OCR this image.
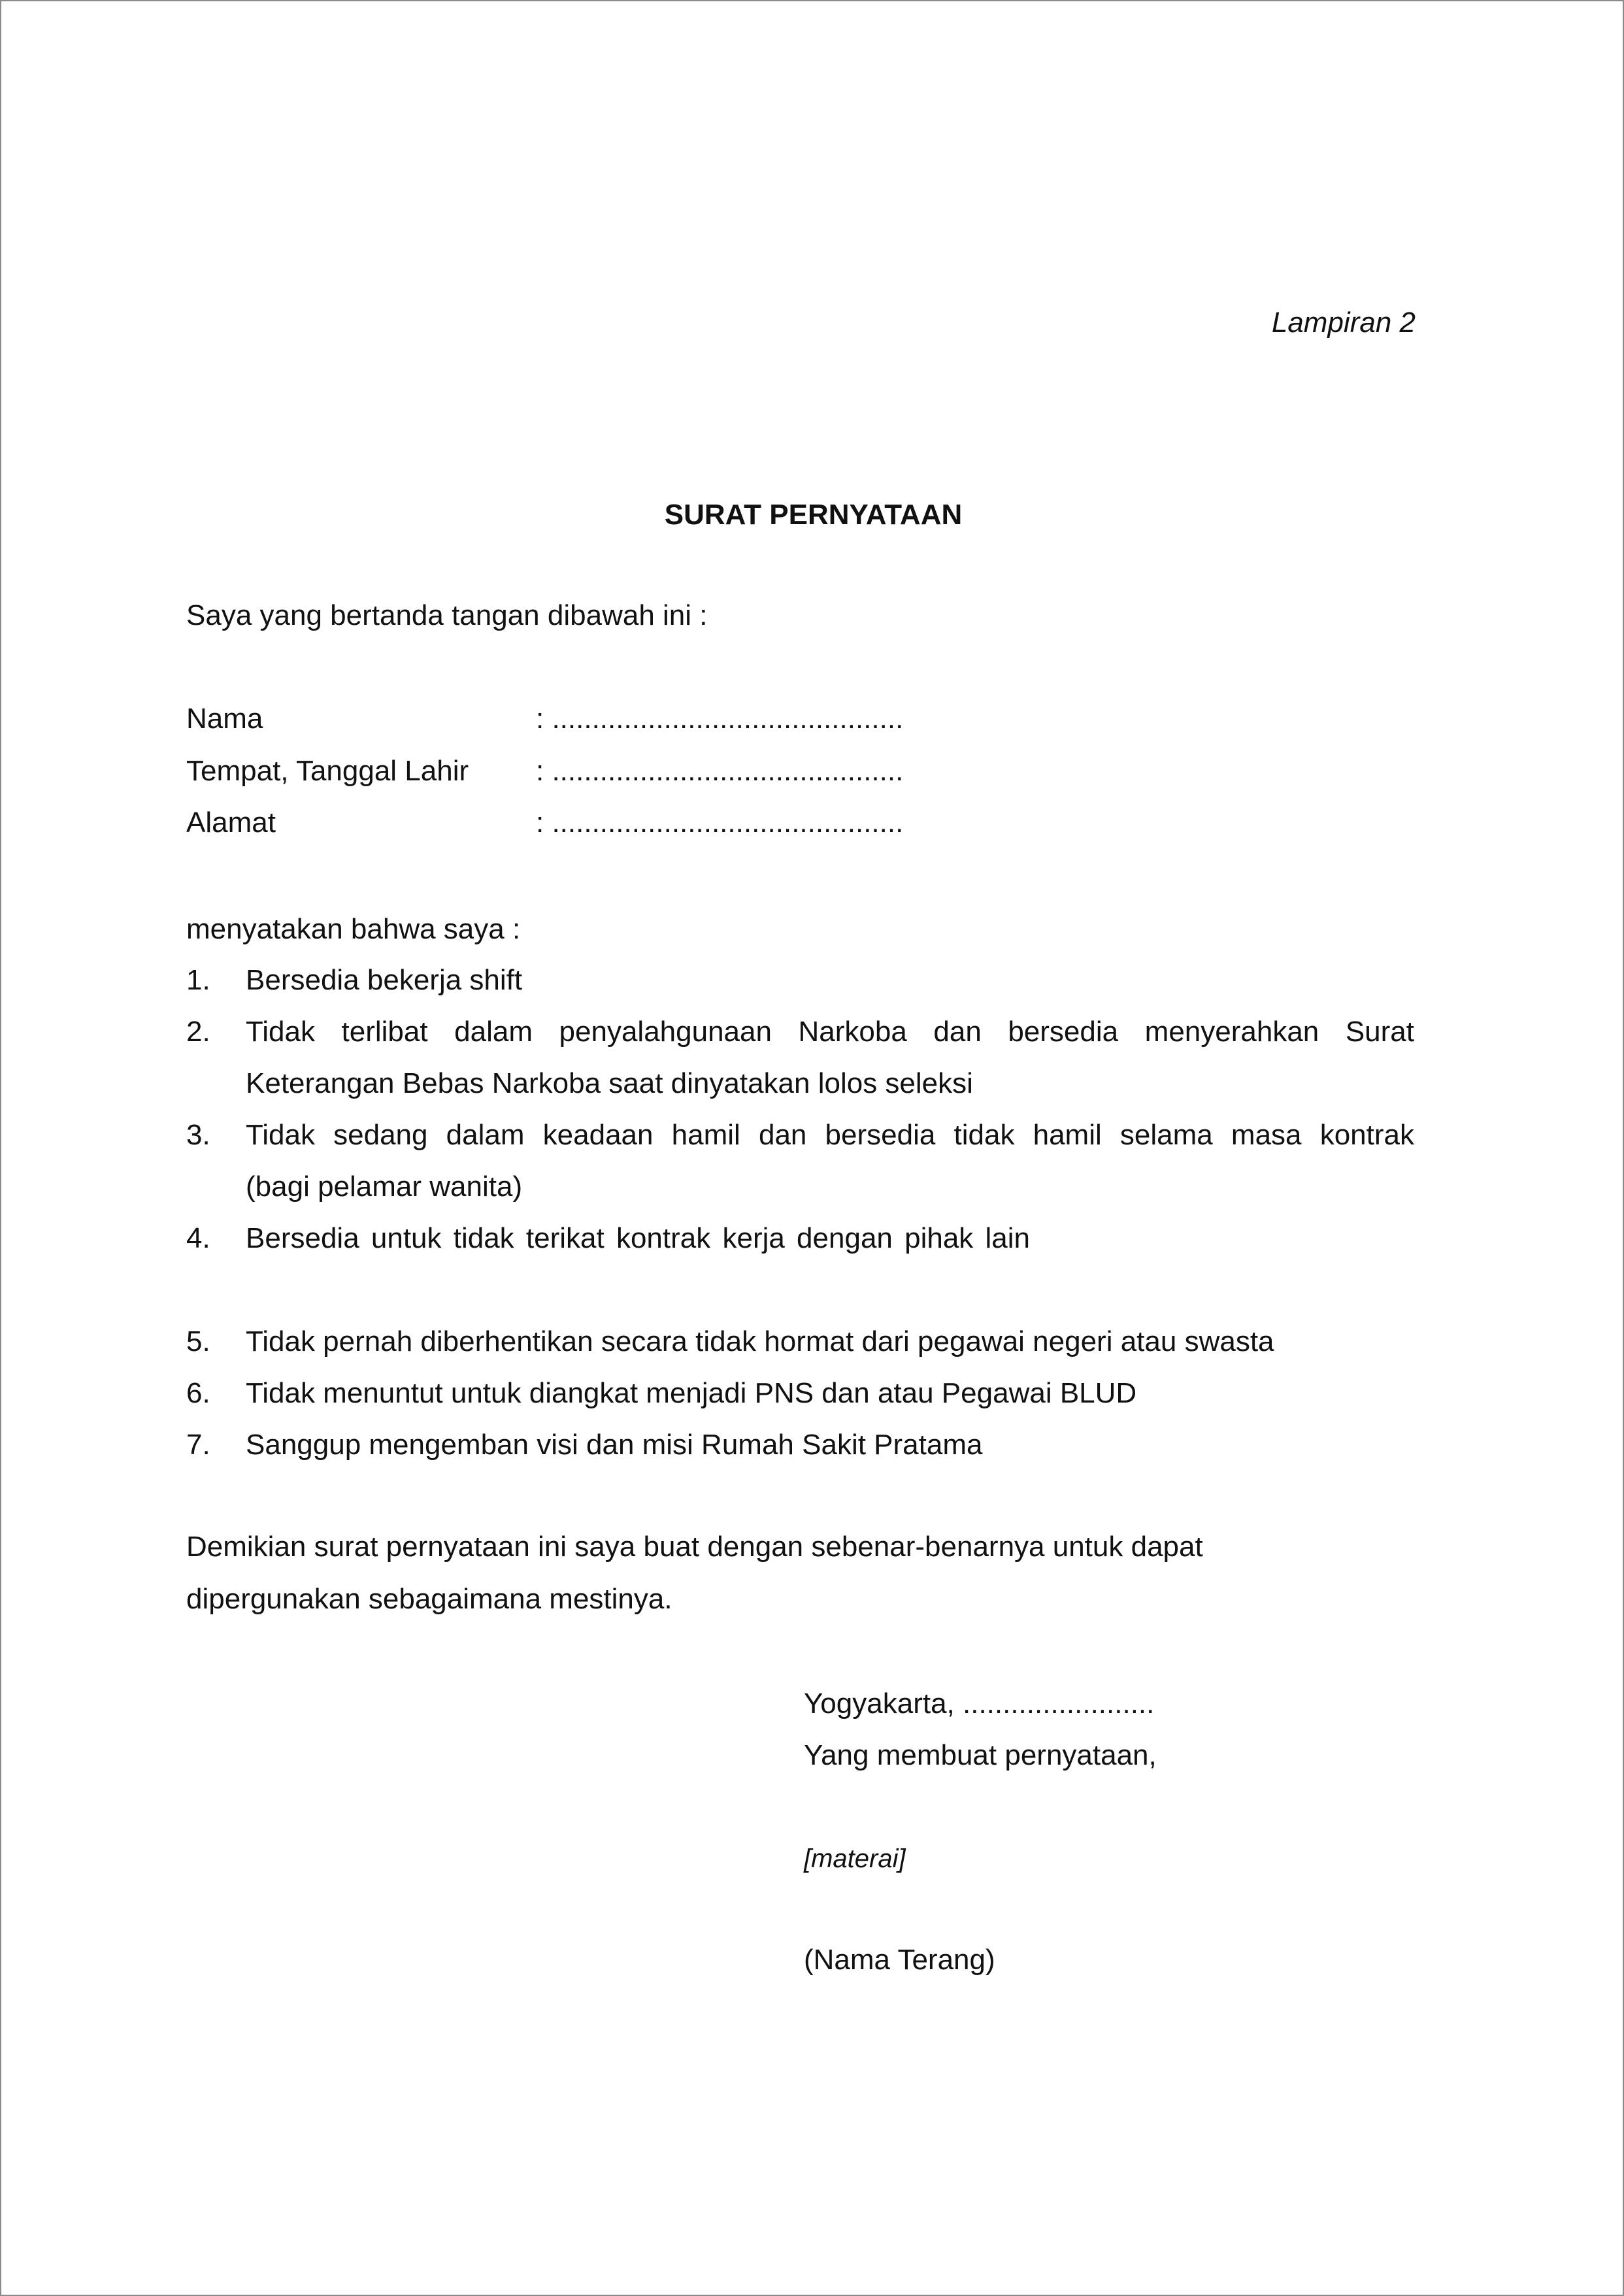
Lampiran 2
SURAT PERNYATAAN
Saya yang bertanda tangan dibawah ini :
Nama	: ............................................
Tempat, Tanggal Lahir : ............................................
Alamat	: ............................................
menyatakan bahwa saya :
1. Bersedia bekerja shift
2. Tidak terlibat dalam penyalahgunaan Narkoba dan bersedia menyerahkan Surat
Keterangan Bebas Narkoba saat dinyatakan lolos seleksi
3. Tidak sedang dalam keadaan hamil dan bersedia tidak hamil selama masa kontrak
(bagi pelamar wanita)
4. Bersedia untuk tidak terikat kontrak kerja dengan pihak lain
5. Tidak pernah diberhentikan secara tidak hormat dari pegawai negeri atau swasta
6. Tidak menuntut untuk diangkat menjadi PNS dan atau Pegawai BLUD
7. Sanggup mengemban visi dan misi Rumah Sakit Pratama
Demikian surat pernyataan ini saya buat dengan sebenar-benarnya untuk dapat
dipergunakan sebagaimana mestinya.
Yogyakarta, ........................
Yang membuat pernyataan,
[materai]
(Nama Terang)
